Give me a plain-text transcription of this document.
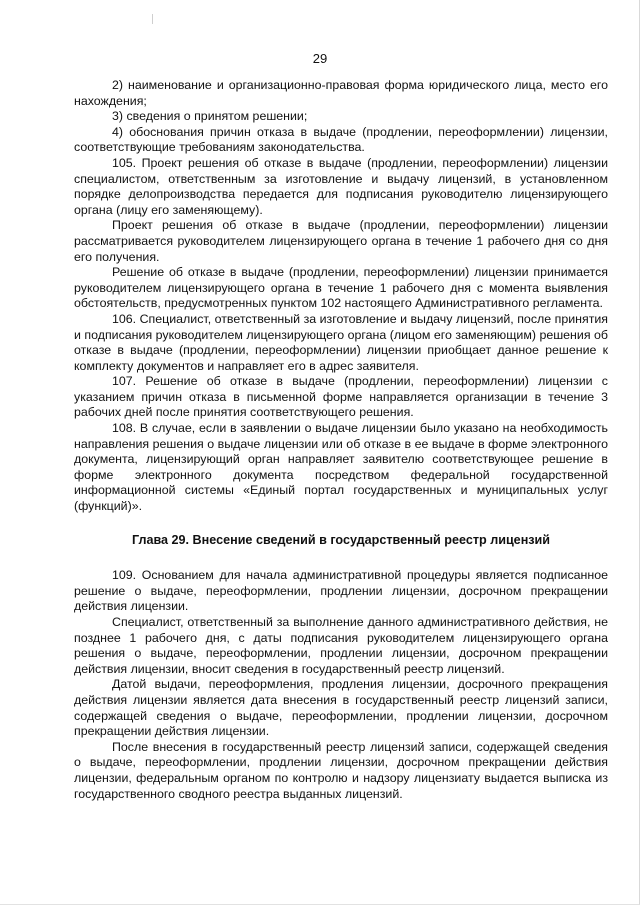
29

2) наименование и организационно-правовая форма юридического лица, место его нахождения;

3) сведения о принятом решении;

4) обоснования причин отказа в выдаче (продлении, переоформлении) лицензии, соответствующие требованиям законодательства.

105. Проект решения об отказе в выдаче (продлении, переоформлении) лицензии специалистом, ответственным за изготовление и выдачу лицензий, в установленном порядке делопроизводства передается для подписания руководителю лицензирующего органа (лицу его заменяющему).

Проект решения об отказе в выдаче (продлении, переоформлении) лицензии рассматривается руководителем лицензирующего органа в течение 1 рабочего дня со дня его получения.

Решение об отказе в выдаче (продлении, переоформлении) лицензии принимается руководителем лицензирующего органа в течение 1 рабочего дня с момента выявления обстоятельств, предусмотренных пунктом 102 настоящего Административного регламента.

106. Специалист, ответственный за изготовление и выдачу лицензий, после принятия и подписания руководителем лицензирующего органа (лицом его заменяющим) решения об отказе в выдаче (продлении, переоформлении) лицензии приобщает данное решение к комплекту документов и направляет его в адрес заявителя.

107. Решение об отказе в выдаче (продлении, переоформлении) лицензии с указанием причин отказа в письменной форме направляется организации в течение 3 рабочих дней после принятия соответствующего решения.

108. В случае, если в заявлении о выдаче лицензии было указано на необходимость направления решения о выдаче лицензии или об отказе в ее выдаче в форме электронного документа, лицензирующий орган направляет заявителю соответствующее решение в форме электронного документа посредством федеральной государственной информационной системы «Единый портал государственных и муниципальных услуг (функций)».

Глава 29. Внесение сведений в государственный реестр лицензий

109. Основанием для начала административной процедуры является подписанное решение о выдаче, переоформлении, продлении лицензии, досрочном прекращении действия лицензии.

Специалист, ответственный за выполнение данного административного действия, не позднее 1 рабочего дня, с даты подписания руководителем лицензирующего органа решения о выдаче, переоформлении, продлении лицензии, досрочном прекращении действия лицензии, вносит сведения в государственный реестр лицензий.

Датой выдачи, переоформления, продления лицензии, досрочного прекращения действия лицензии является дата внесения в государственный реестр лицензий записи, содержащей сведения о выдаче, переоформлении, продлении лицензии, досрочном прекращении действия лицензии.

После внесения в государственный реестр лицензий записи, содержащей сведения о выдаче, переоформлении, продлении лицензии, досрочном прекращении действия лицензии, федеральным органом по контролю и надзору лицензиату выдается выписка из государственного сводного реестра выданных лицензий.
